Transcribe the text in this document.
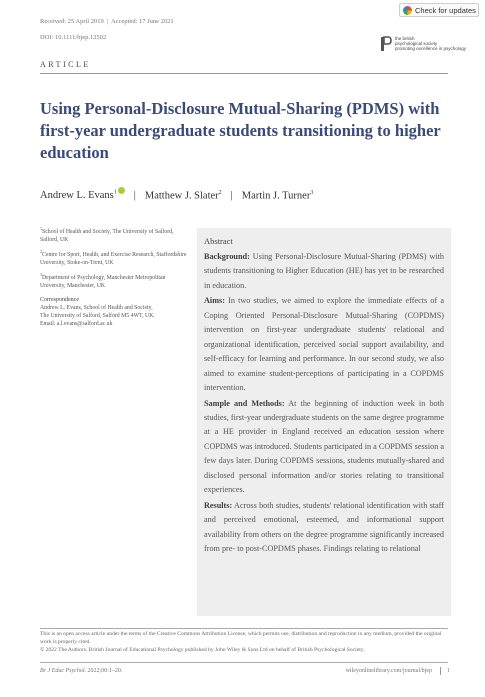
Check for updates
Received: 25 April 2019 | Accepted: 17 June 2021
DOI: 10.1111/bjep.12502	the british
psychological society
promoting excellence in psychology
ARTICLE
Using Personal-Disclosure Mutual-Sharing (PDMS) with first-year undergraduate students transitioning to higher education
Andrew L. Evans$^1$	| Matthew J. Slater$^2$ | Martin J. Turner$^3$

$^1$School of Health and Society, The University of Salford, Salford, UK

$^2$Centre for Sport, Health, and Exercise Research, Staffordshire University, Stoke-on-Trent, UK

$^3$Department of Psychology, Manchester Metropolitan University, Manchester, UK

Correspondence
Andrew L. Evans, School of Health and Society,
The University of Salford, Salford M5 4WT, UK.
Email: a.l.evans@salford.ac.uk
Abstract

Background: Using Personal-Disclosure Mutual-Sharing (PDMS) with students transitioning to Higher Education (HE) has yet to be researched in education.

Aims: In two studies, we aimed to explore the immediate effects of a Coping Oriented Personal-Disclosure Mutual-Sharing (COPDMS) intervention on first-year undergraduate students' relational and organizational identification, perceived social support availability, and self-efficacy for learning and performance. In our second study, we also aimed to examine student-perceptions of participating in a COPDMS intervention.

Sample and Methods: At the beginning of induction week in both studies, first-year undergraduate students on the same degree programme at a HE provider in England received an education session where COPDMS was introduced. Students participated in a COPDMS session a few days later. During COPDMS sessions, students mutually-shared and disclosed personal information and/or stories relating to transitional experiences.

Results: Across both studies, students' relational identification with staff and perceived emotional, esteemed, and informational support availability from others on the degree programme significantly increased from pre- to post-COPDMS phases. Findings relating to relational

This is an open access article under the terms of the Creative Commons Attribution License, which permits use, distribution and reproduction in any medium, provided the original work is properly cited.
© 2022 The Authors. British Journal of Educational Psychology published by John Wiley & Sons Ltd on behalf of British Psychological Society.
Br J Educ Psychol.
2022;00:1–20.	wileyonlinelibrary.com/journal/bjep	1
